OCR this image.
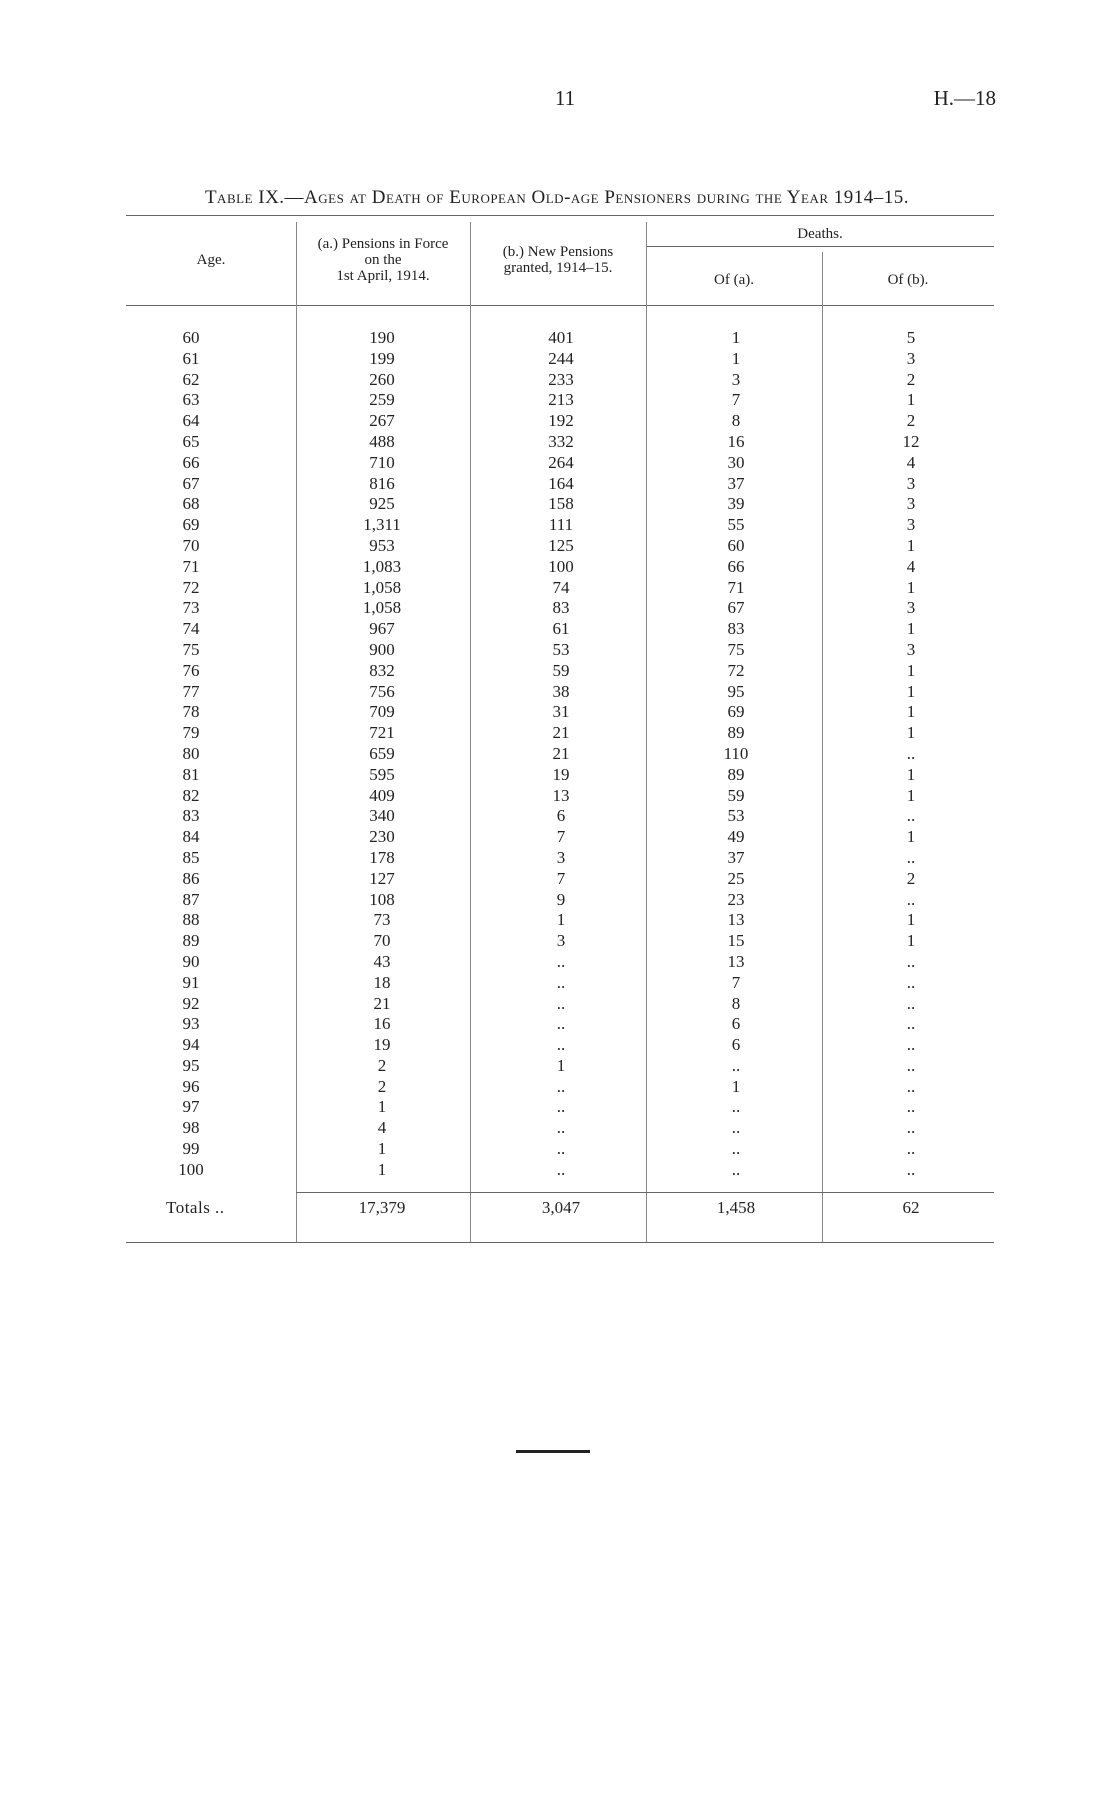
11	H.—18
Table IX.—Ages at Death of European Old-age Pensioners during the Year 1914–15.
Age.
(a.) Pensions in Force
on the
1st April, 1914.
(b.) New Pensions
granted, 1914–15.
Deaths.
Of (a).	Of (b).
60	190	401	1	5
61	199	244	1	3
62	260	233	3	2
63	259	213	7	1
64	267	192	8	2
65	488	332	16	12
66	710	264	30	4
67	816	164	37	3
68	925	158	39	3
69	1,311	111	55	3
70	953	125	60	1
71	1,083	100	66	4
72	1,058	74	71	1
73	1,058	83	67	3
74	967	61	83	1
75	900	53	75	3
76	832	59	72	1
77	756	38	95	1
78	709	31	69	1
79	721	21	89	1
80	659	21	110	..
81	595	19	89	1
82	409	13	59	1
83	340	6	53	..
84	230	7	49	1
85	178	3	37	..
86	127	7	25	2
87	108	9	23	..
88	73	1	13	1
89	70	3	15	1
90	43	..	13	..
91	18	..	7	..
92	21	..	8	..
93	16	..	6	..
94	19	..	6	..
95	2	1	..	..
96	2	..	1	..
97	1	..	..	..
98	4	..	..	..
99	1	..	..	..
100	1	..	..	..
Totals ..	17,379	3,047	1,458	62
